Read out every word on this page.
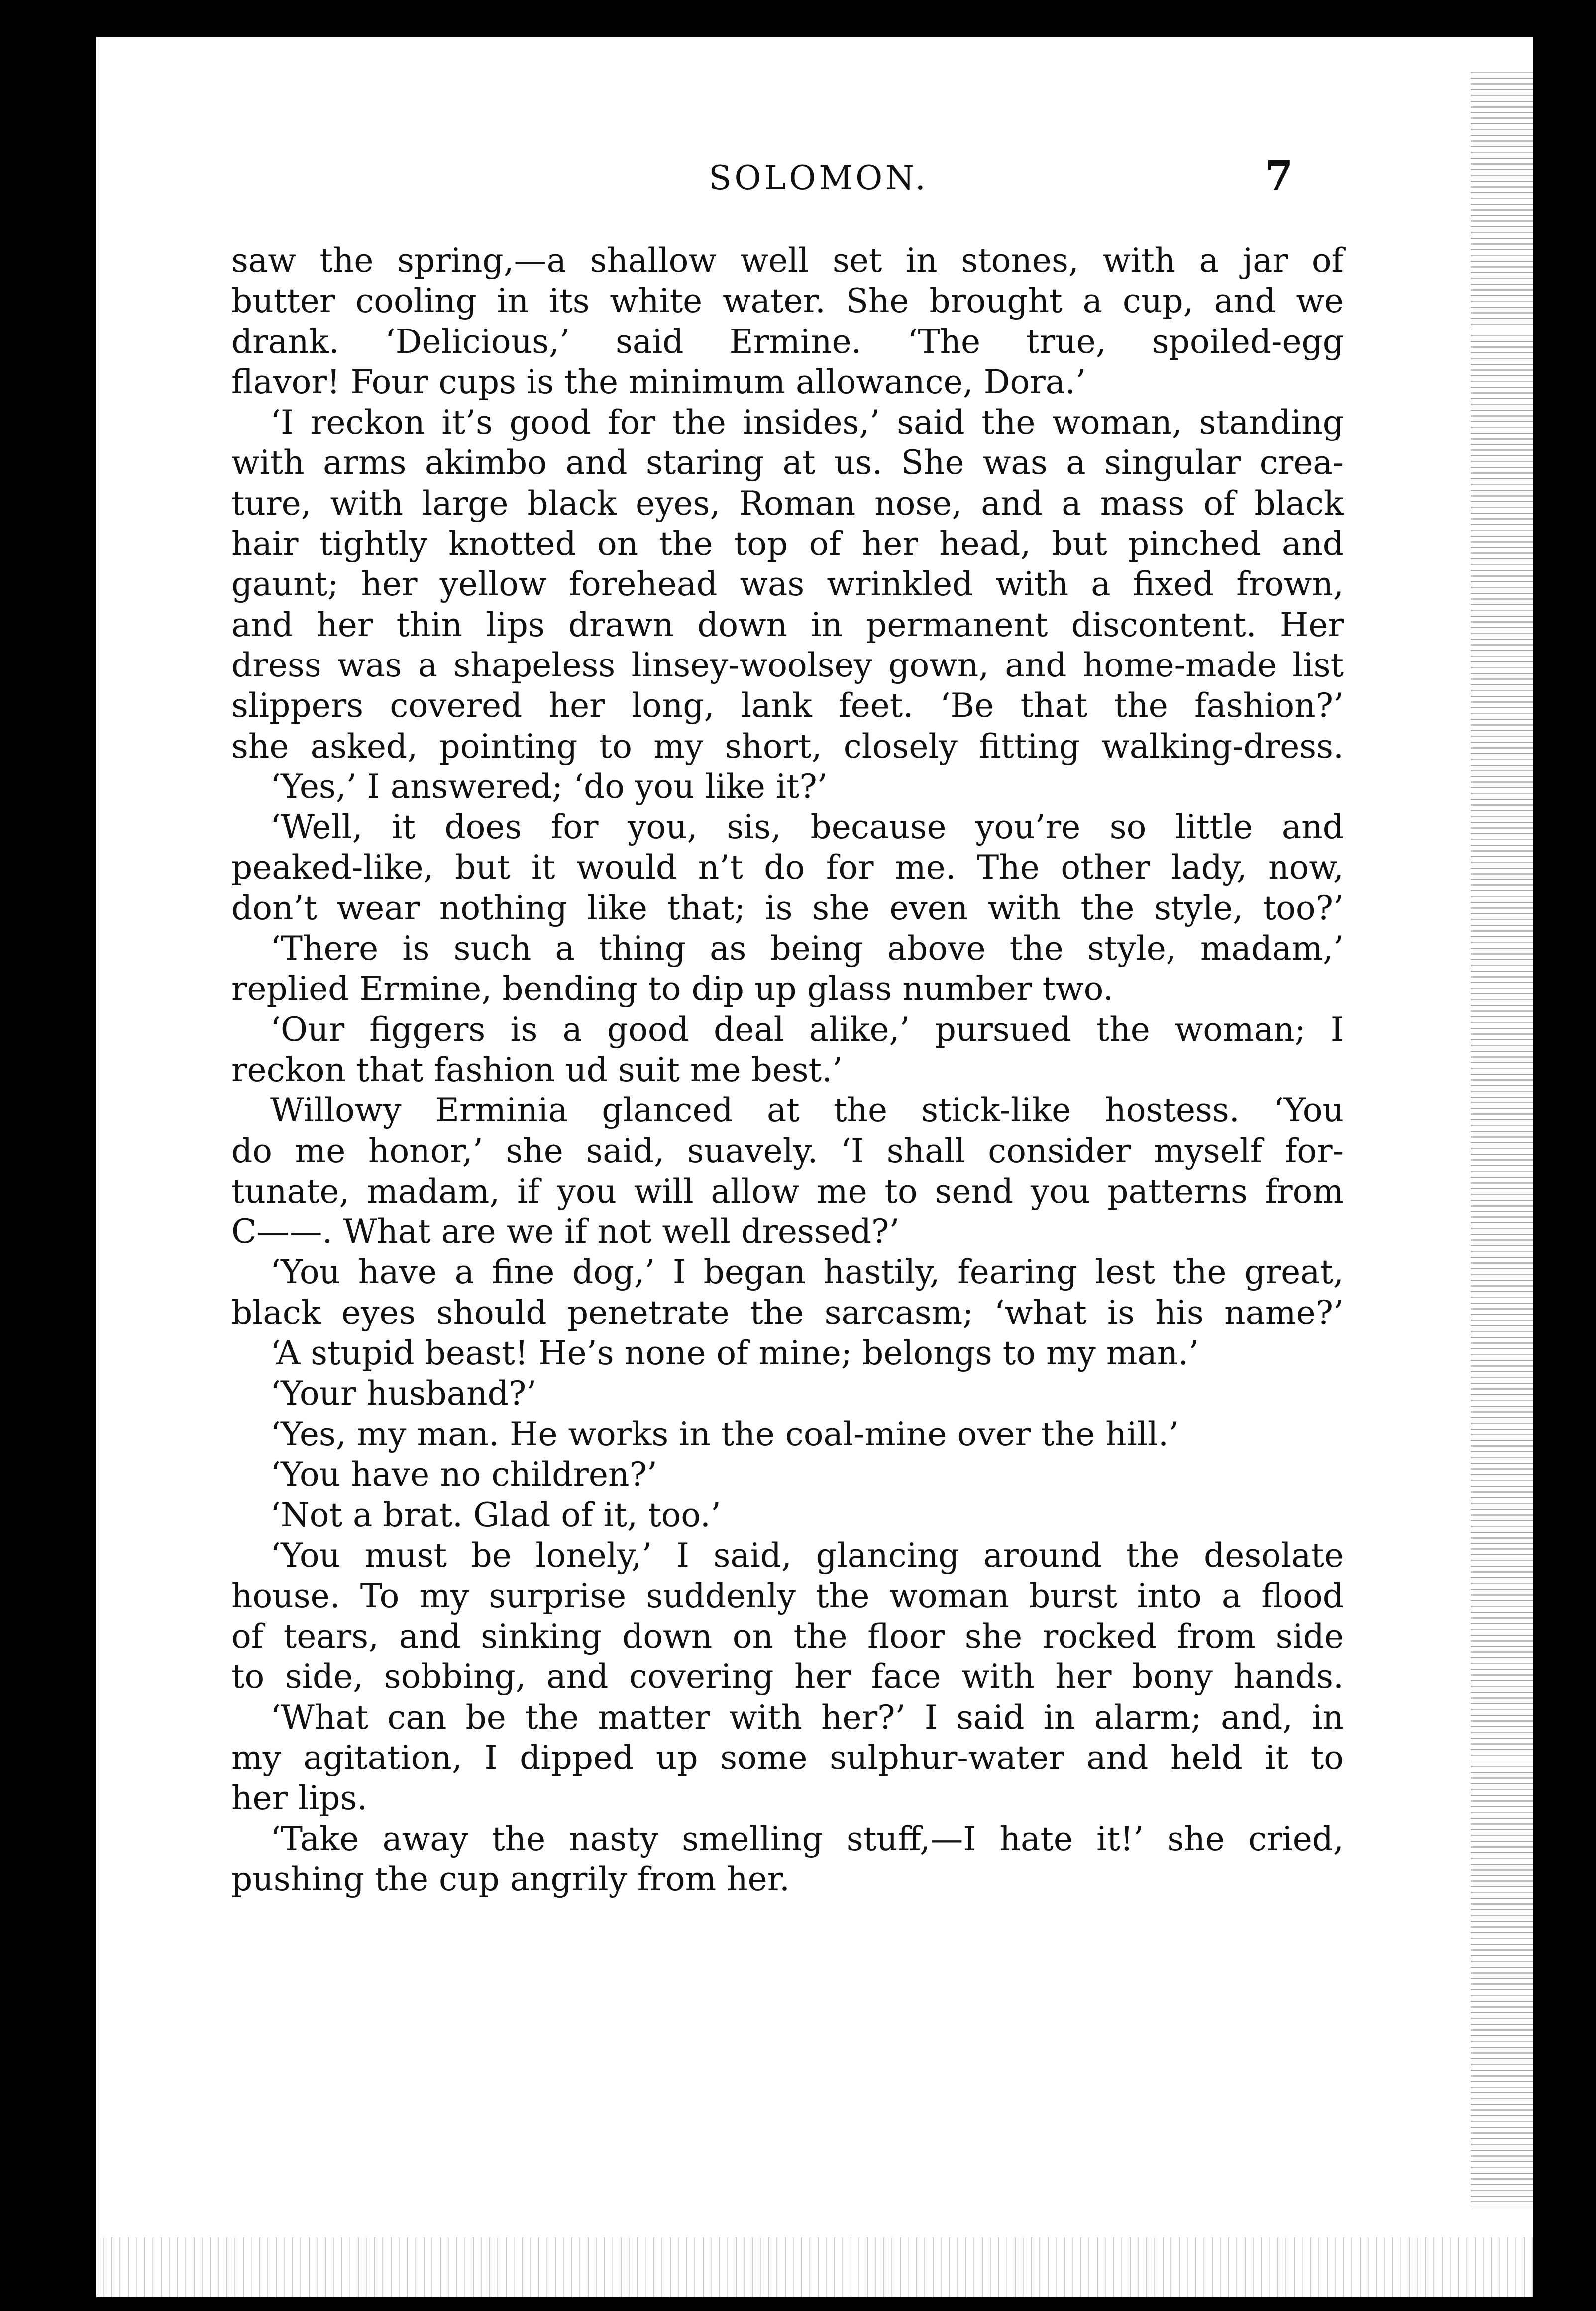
SOLOMON.	7
saw the spring,—a shallow well set in stones, with a jar of
butter cooling in its white water. She brought a cup, and we
drank. ‘Delicious,’ said Ermine. ‘The true, spoiled-egg
flavor! Four cups is the minimum allowance, Dora.’
‘I reckon it’s good for the insides,’ said the woman, standing
with arms akimbo and staring at us. She was a singular crea-
ture, with large black eyes, Roman nose, and a mass of black
hair tightly knotted on the top of her head, but pinched and
gaunt; her yellow forehead was wrinkled with a fixed frown,
and her thin lips drawn down in permanent discontent. Her
dress was a shapeless linsey-woolsey gown, and home-made list
slippers covered her long, lank feet. ‘Be that the fashion?’
she asked, pointing to my short, closely fitting walking-dress.
‘Yes,’ I answered; ‘do you like it?’
‘Well, it does for you, sis, because you’re so little and
peaked-like, but it would n’t do for me. The other lady, now,
don’t wear nothing like that; is she even with the style, too?’
‘There is such a thing as being above the style, madam,’
replied Ermine, bending to dip up glass number two.
‘Our figgers is a good deal alike,’ pursued the woman; I
reckon that fashion ud suit me best.’
Willowy Erminia glanced at the stick-like hostess. ‘You
do me honor,’ she said, suavely. ‘I shall consider myself for-
tunate, madam, if you will allow me to send you patterns from
C——. What are we if not well dressed?’
‘You have a fine dog,’ I began hastily, fearing lest the great,
black eyes should penetrate the sarcasm; ‘what is his name?’
‘A stupid beast! He’s none of mine; belongs to my man.’
‘Your husband?’
‘Yes, my man. He works in the coal-mine over the hill.’
‘You have no children?’
‘Not a brat. Glad of it, too.’
‘You must be lonely,’ I said, glancing around the desolate
house. To my surprise suddenly the woman burst into a flood
of tears, and sinking down on the floor she rocked from side
to side, sobbing, and covering her face with her bony hands.
‘What can be the matter with her?’ I said in alarm; and, in
my agitation, I dipped up some sulphur-water and held it to
her lips.
‘Take away the nasty smelling stuff,—I hate it!’ she cried,
pushing the cup angrily from her.
